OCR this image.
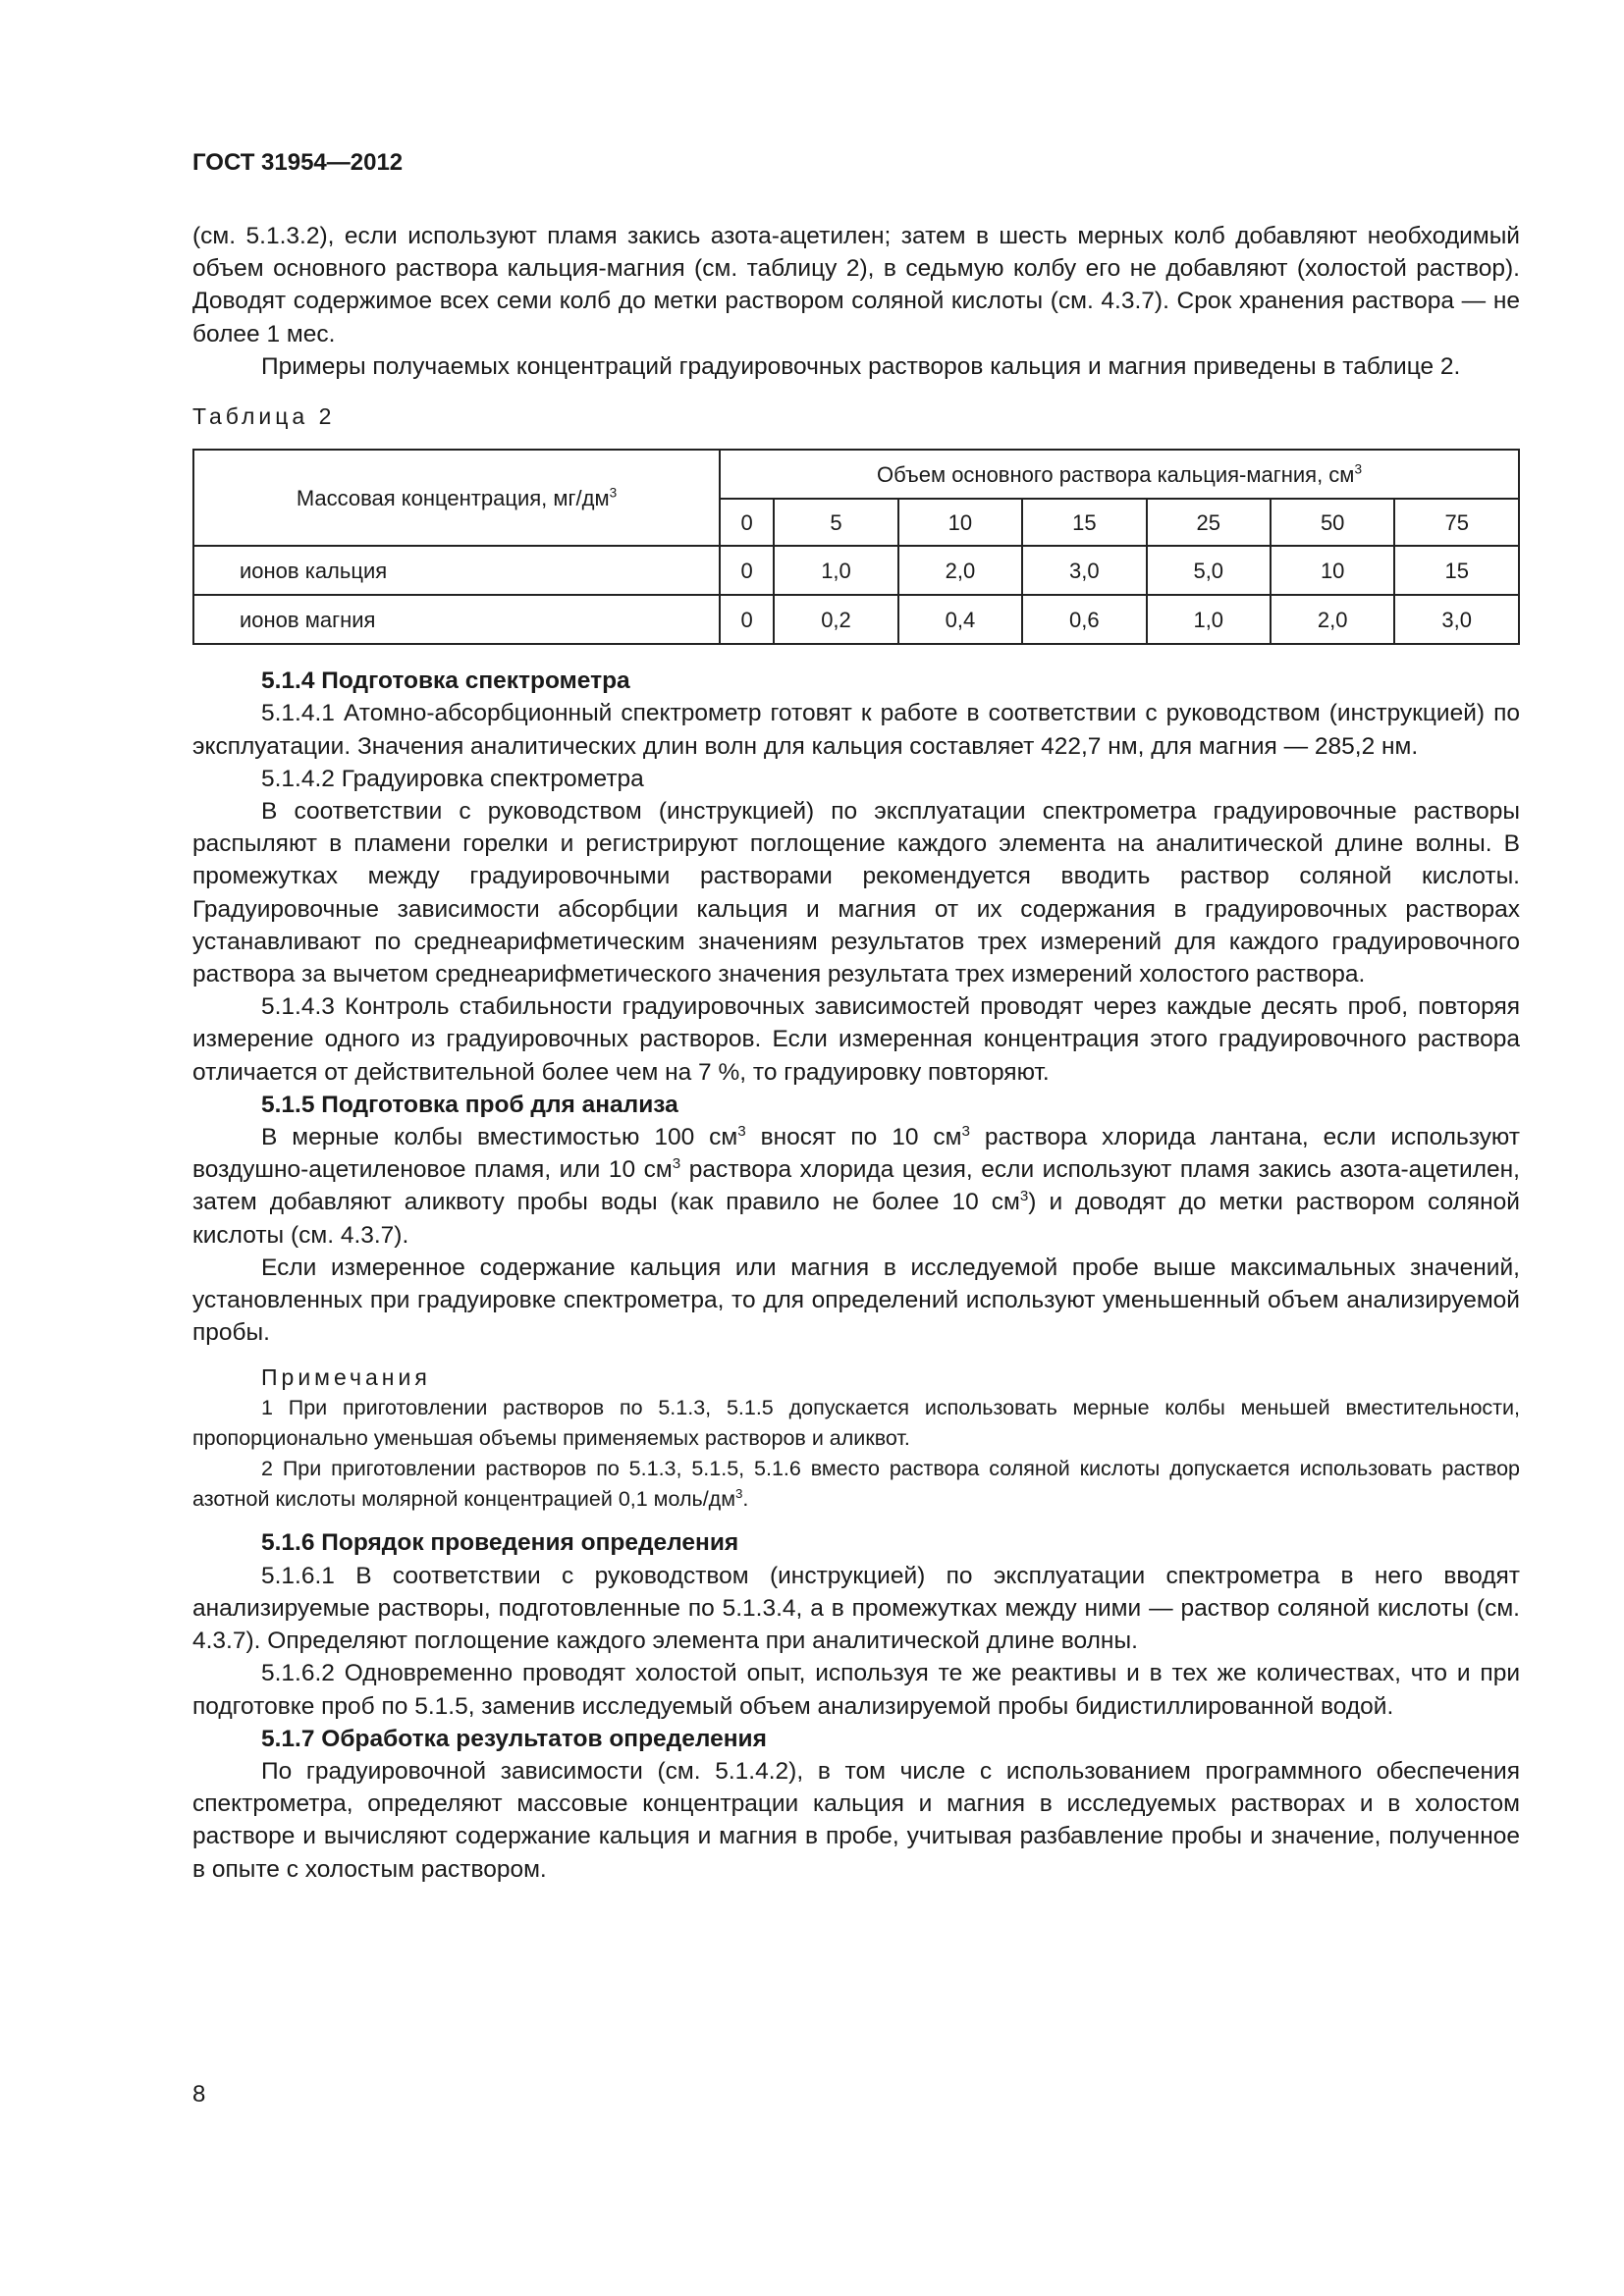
ГОСТ 31954—2012

(см. 5.1.3.2), если используют пламя закись азота-ацетилен; затем в шесть мерных колб добавляют необходимый объем основного раствора кальция-магния (см. таблицу 2), в седьмую колбу его не добавляют (холостой раствор). Доводят содержимое всех семи колб до метки раствором соляной кислоты (см. 4.3.7). Срок хранения раствора — не более 1 мес.

Примеры получаемых концентраций градуировочных растворов кальция и магния приведены в таблице 2.

Таблица 2

Массовая концентрация, $мг/дм^3$	Объем основного раствора кальция-магния, $см^3$
	0	5	10	15	25	50	75
ионов кальция	0	1,0	2,0	3,0	5,0	10	15
ионов магния	0	0,2	0,4	0,6	1,0	2,0	3,0

5.1.4 Подготовка спектрометра

5.1.4.1 Атомно-абсорбционный спектрометр готовят к работе в соответствии с руководством (инструкцией) по эксплуатации. Значения аналитических длин волн для кальция составляет 422,7 нм, для магния — 285,2 нм.

5.1.4.2 Градуировка спектрометра

В соответствии с руководством (инструкцией) по эксплуатации спектрометра градуировочные растворы распыляют в пламени горелки и регистрируют поглощение каждого элемента на аналитической длине волны. В промежутках между градуировочными растворами рекомендуется вводить раствор соляной кислоты. Градуировочные зависимости абсорбции кальция и магния от их содержания в градуировочных растворах устанавливают по среднеарифметическим значениям результатов трех измерений для каждого градуировочного раствора за вычетом среднеарифметического значения результата трех измерений холостого раствора.

5.1.4.3 Контроль стабильности градуировочных зависимостей проводят через каждые десять проб, повторяя измерение одного из градуировочных растворов. Если измеренная концентрация этого градуировочного раствора отличается от действительной более чем на 7 %, то градуировку повторяют.

5.1.5 Подготовка проб для анализа

В мерные колбы вместимостью 100 $см^3$ вносят по 10 $см^3$ раствора хлорида лантана, если используют воздушно-ацетиленовое пламя, или 10 $см^3$ раствора хлорида цезия, если используют пламя закись азота-ацетилен, затем добавляют аликвоту пробы воды (как правило не более 10 $см^3$) и доводят до метки раствором соляной кислоты (см. 4.3.7).

Если измеренное содержание кальция или магния в исследуемой пробе выше максимальных значений, установленных при градуировке спектрометра, то для определений используют уменьшенный объем анализируемой пробы.

Примечания

1 При приготовлении растворов по 5.1.3, 5.1.5 допускается использовать мерные колбы меньшей вместительности, пропорционально уменьшая объемы применяемых растворов и аликвот.

2 При приготовлении растворов по 5.1.3, 5.1.5, 5.1.6 вместо раствора соляной кислоты допускается использовать раствор азотной кислоты молярной концентрацией 0,1 моль/$дм^3$.

5.1.6 Порядок проведения определения

5.1.6.1 В соответствии с руководством (инструкцией) по эксплуатации спектрометра в него вводят анализируемые растворы, подготовленные по 5.1.3.4, а в промежутках между ними — раствор соляной кислоты (см. 4.3.7). Определяют поглощение каждого элемента при аналитической длине волны.

5.1.6.2 Одновременно проводят холостой опыт, используя те же реактивы и в тех же количествах, что и при подготовке проб по 5.1.5, заменив исследуемый объем анализируемой пробы бидистиллированной водой.

5.1.7 Обработка результатов определения

По градуировочной зависимости (см. 5.1.4.2), в том числе с использованием программного обеспечения спектрометра, определяют массовые концентрации кальция и магния в исследуемых растворах и в холостом растворе и вычисляют содержание кальция и магния в пробе, учитывая разбавление пробы и значение, полученное в опыте с холостым раствором.

8
